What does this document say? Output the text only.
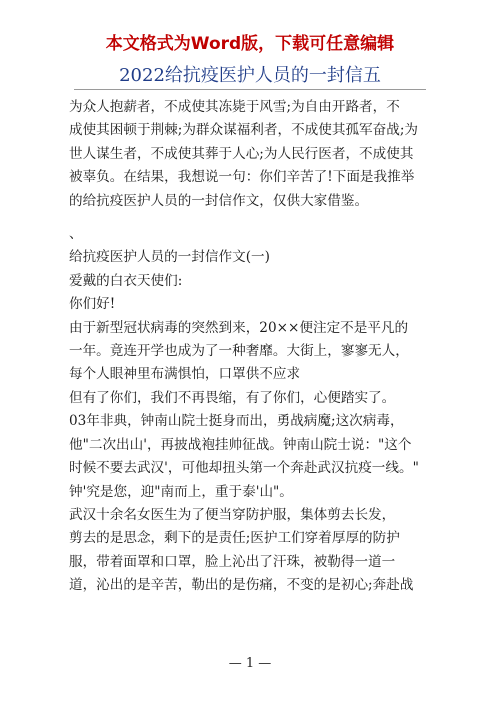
本文格式为Word版，下载可任意编辑
2022给抗疫医护人员的一封信五

为众人抱薪者，不成使其冻毙于风雪;为自由开路者，不
成使其困顿于荆棘;为群众谋福利者，不成使其孤军奋战;为
世人谋生者，不成使其葬于人心;为人民行医者，不成使其
被辜负。在结果，我想说一句：你们辛苦了!下面是我推举
的给抗疫医护人员的一封信作文，仅供大家借鉴。

、

给抗疫医护人员的一封信作文(一)

爱戴的白衣天使们:

你们好!

由于新型冠状病毒的突然到来，20××便注定不是平凡的
一年。竟连开学也成为了一种奢靡。大街上，寥寥无人，
每个人眼神里布满惧怕，口罩供不应求

但有了你们，我们不再畏缩，有了你们，心便踏实了。

03年非典，钟南山院士挺身而出，勇战病魔;这次病毒，
他"二次出山'，再披战袍挂帅征战。钟南山院士说："这个
时候不要去武汉'，可他却扭头第一个奔赴武汉抗疫一线。"
钟'究是您，迎"南而上，重于泰'山"。

武汉十余名女医生为了便当穿防护服，集体剪去长发，
剪去的是思念，剩下的是责任;医护工们穿着厚厚的防护
服，带着面罩和口罩，脸上沁出了汗珠，被勒得一道一
道，沁出的是辛苦，勒出的是伤痛，不变的是初心;奔赴战

— 1 —
